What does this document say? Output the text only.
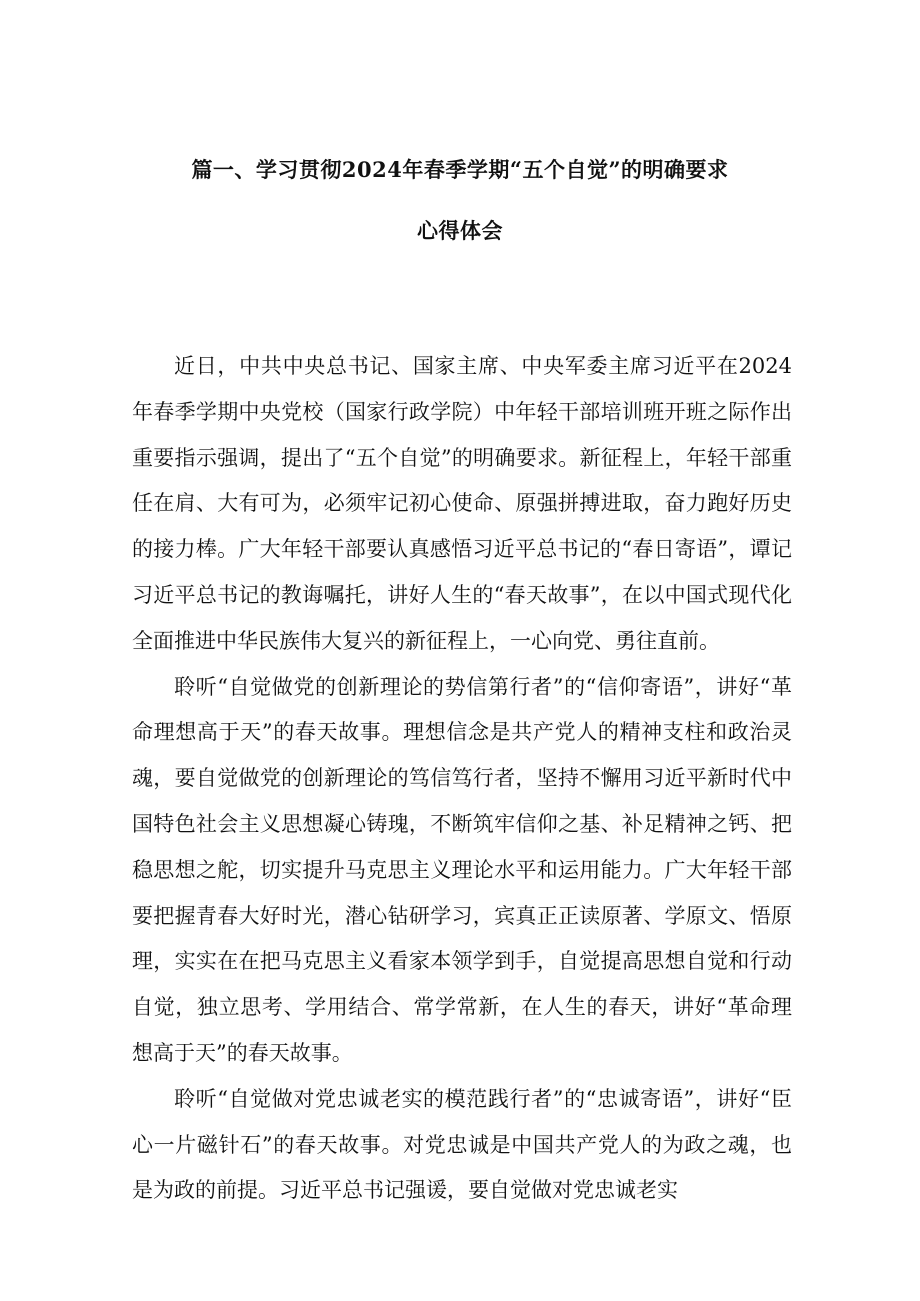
篇一、学习贯彻2024年春季学期“五个自觉”的明确要求
心得体会

近日，中共中央总书记、国家主席、中央军委主席习近平在2024年春季学期中央党校（国家行政学院）中年轻干部培训班开班之际作出重要指示强调，提出了“五个自觉”的明确要求。新征程上，年轻干部重任在肩、大有可为，必须牢记初心使命、原强拼搏进取，奋力跑好历史的接力棒。广大年轻干部要认真感悟习近平总书记的“春日寄语”，谭记习近平总书记的教诲嘱托，讲好人生的“春天故事”，在以中国式现代化全面推进中华民族伟大复兴的新征程上，一心向党、勇往直前。

聆听“自觉做党的创新理论的势信第行者”的“信仰寄语”，讲好“革命理想高于天”的春天故事。理想信念是共产党人的精神支柱和政治灵魂，要自觉做党的创新理论的笃信笃行者，坚持不懈用习近平新时代中国特色社会主义思想凝心铸瑰，不断筑牢信仰之基、补足精神之钙、把稳思想之舵，切实提升马克思主义理论水平和运用能力。广大年轻干部要把握青春大好时光，潜心钻研学习，宾真正正读原著、学原文、悟原理，实实在在把马克思主义看家本领学到手，自觉提高思想自觉和行动自觉，独立思考、学用结合、常学常新，在人生的春天，讲好“革命理想高于天”的春天故事。

聆听“自觉做对党忠诚老实的模范践行者”的“忠诚寄语”，讲好“臣心一片磁针石”的春天故事。对党忠诚是中国共产党人的为政之魂，也是为政的前提。习近平总书记强谖，要自觉做对党忠诚老实
